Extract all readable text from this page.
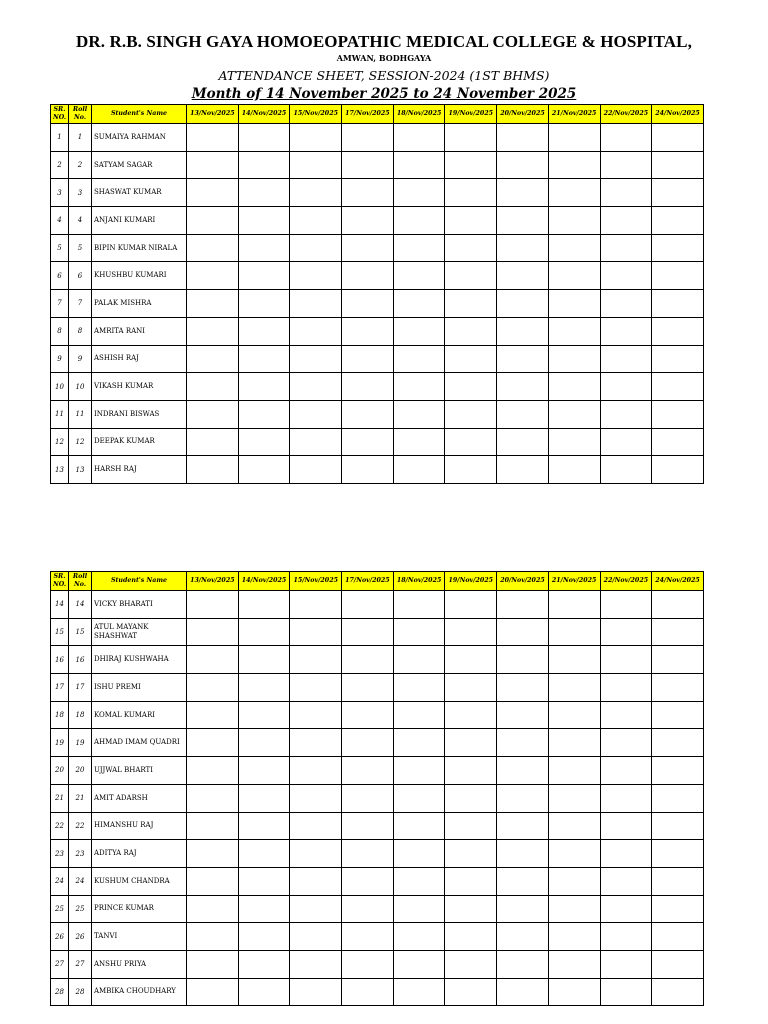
DR. R.B. SINGH GAYA HOMOEOPATHIC MEDICAL COLLEGE & HOSPITAL,
AMWAN, BODHGAYA
ATTENDANCE SHEET, SESSION-2024 (1ST BHMS)
Month of 14 November 2025 to 24 November 2025
SR. NO.	Roll No.	Student's Name	13/Nov/2025	14/Nov/2025	15/Nov/2025	17/Nov/2025	18/Nov/2025	19/Nov/2025	20/Nov/2025	21/Nov/2025	22/Nov/2025	24/Nov/2025
1	1	SUMAIYA RAHMAN										
2	2	SATYAM SAGAR										
3	3	SHASWAT KUMAR										
4	4	ANJANI KUMARI										
5	5	BIPIN KUMAR NIRALA										
6	6	KHUSHBU KUMARI										
7	7	PALAK MISHRA										
8	8	AMRITA RANI										
9	9	ASHISH RAJ										
10	10	VIKASH KUMAR										
11	11	INDRANI BISWAS										
12	12	DEEPAK KUMAR										
13	13	HARSH RAJ										
SR. NO.	Roll No.	Student's Name	13/Nov/2025	14/Nov/2025	15/Nov/2025	17/Nov/2025	18/Nov/2025	19/Nov/2025	20/Nov/2025	21/Nov/2025	22/Nov/2025	24/Nov/2025
14	14	VICKY BHARATI										
15	15	ATUL MAYANK SHASHWAT										
16	16	DHIRAJ KUSHWAHA										
17	17	ISHU PREMI										
18	18	KOMAL KUMARI										
19	19	AHMAD IMAM QUADRI										
20	20	UJJWAL BHARTI										
21	21	AMIT ADARSH										
22	22	HIMANSHU RAJ										
23	23	ADITYA RAJ										
24	24	KUSHUM CHANDRA										
25	25	PRINCE KUMAR										
26	26	TANVI										
27	27	ANSHU PRIYA										
28	28	AMBIKA CHOUDHARY										
